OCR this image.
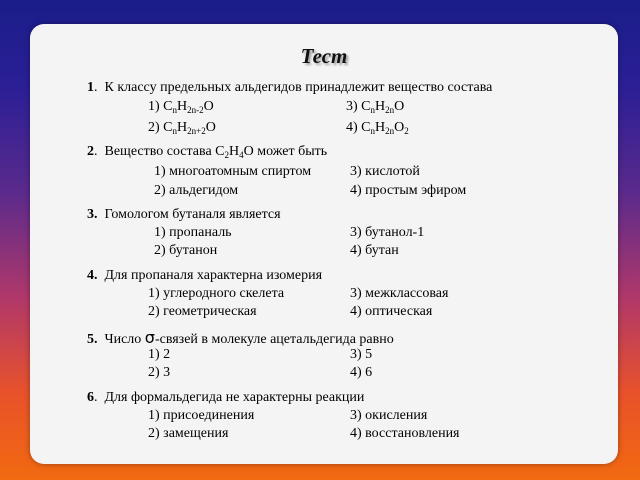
Тест
1.  К классу предельных альдегидов принадлежит вещество состава
1) $C_nH_{2n-2}O$	3) $C_nH_{2n}O$
2) $C_nH_{2n+2}O$	4) $C_nH_{2n}O_2$
2.  Вещество состава $C_2H_4O$ может быть
1) многоатомным спиртом	3) кислотой
2) альдегидом	4) простым эфиром
3. Гомологом бутаналя является
1) пропаналь	3) бутанол-1
2) бутанон	4) бутан
4. Для пропаналя характерна изомерия
1) углеродного скелета	3) межклассовая
2) геометрическая	4) оптическая
5. Число σ-связей в молекуле ацетальдегида равно
1) 2	3) 5
2) 3	4) 6
6.  Для формальдегида не характерны реакции
1) присоединения	3) окисления
2) замещения	4) восстановления
